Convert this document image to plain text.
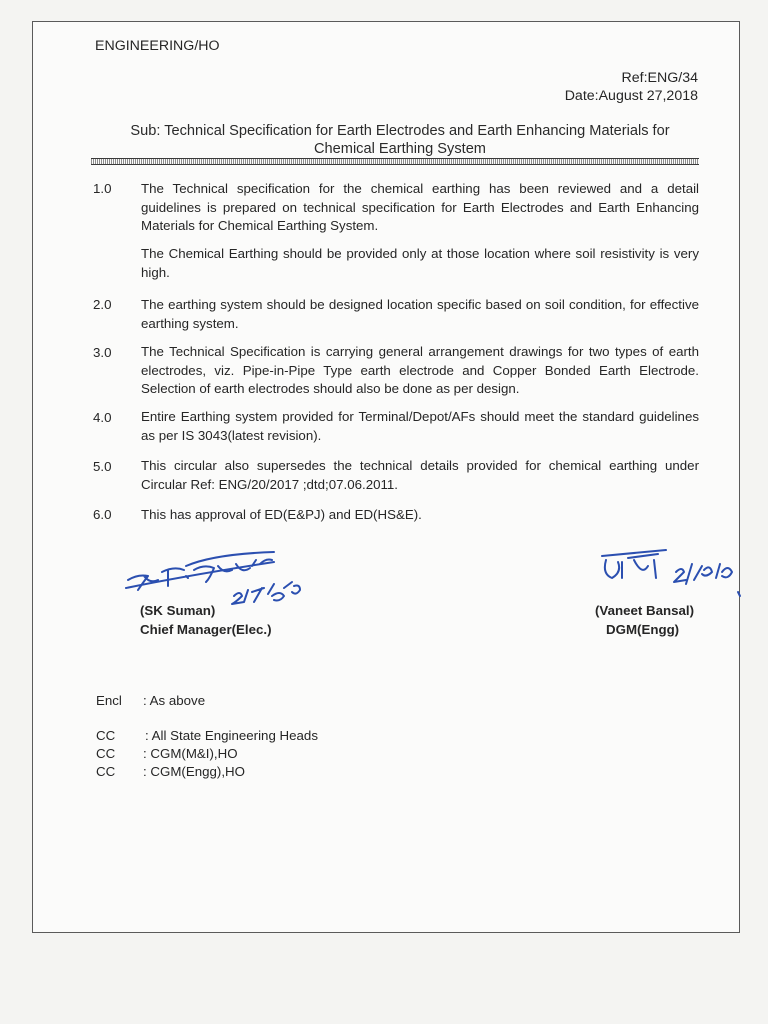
ENGINEERING/HO
Ref:ENG/34
Date:August 27,2018
Sub: Technical Specification for Earth Electrodes and Earth Enhancing Materials for
Chemical Earthing System
1.0 The Technical specification for the chemical earthing has been reviewed and a detail guidelines is prepared on technical specification for Earth Electrodes and Earth Enhancing Materials for Chemical Earthing System.
The Chemical Earthing should be provided only at those location where soil resistivity is very high.
2.0 The earthing system should be designed location specific based on soil condition, for effective earthing system.
3.0 The Technical Specification is carrying general arrangement drawings for two types of earth electrodes, viz. Pipe-in-Pipe Type earth electrode and Copper Bonded Earth Electrode. Selection of earth electrodes should also be done as per design.
4.0 Entire Earthing system provided for Terminal/Depot/AFs should meet the standard guidelines as per IS 3043(latest revision).
5.0 This circular also supersedes the technical details provided for chemical earthing under Circular Ref: ENG/20/2017 ;dtd;07.06.2011.
6.0 This has approval of ED(E&PJ) and ED(HS&E).
(SK Suman)
Chief Manager(Elec.)
(Vaneet Bansal)
DGM(Engg)
Encl : As above
CC : All State Engineering Heads
CC : CGM(M&I),HO
CC : CGM(Engg),HO
